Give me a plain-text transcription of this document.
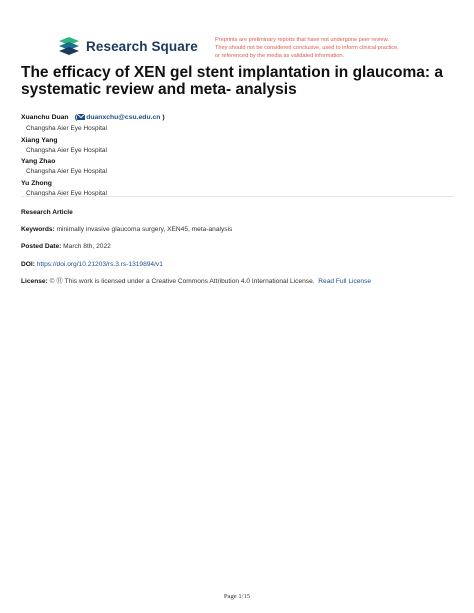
Research Square	Preprints are preliminary reports that have not undergone peer review.
They should not be considered conclusive, used to inform clinical practice,
or referenced by the media as validated information.
The efficacy of XEN gel stent implantation in glaucoma: a systematic review and meta- analysis
Xuanchu Duan  ( duanxchu@csu.edu.cn )
Changsha Aier Eye Hospital
Xiang Yang
Changsha Aier Eye Hospital
Yang Zhao
Changsha Aier Eye Hospital
Yu Zhong
Changsha Aier Eye Hospital
Research Article
Keywords: minimally invasive glaucoma surgery, XEN45, meta-analysis
Posted Date: March 8th, 2022
DOI: https://doi.org/10.21203/rs.3.rs-1319894/v1
License: © Ⓗ This work is licensed under a Creative Commons Attribution 4.0 International License. Read Full License
Page 1/15
